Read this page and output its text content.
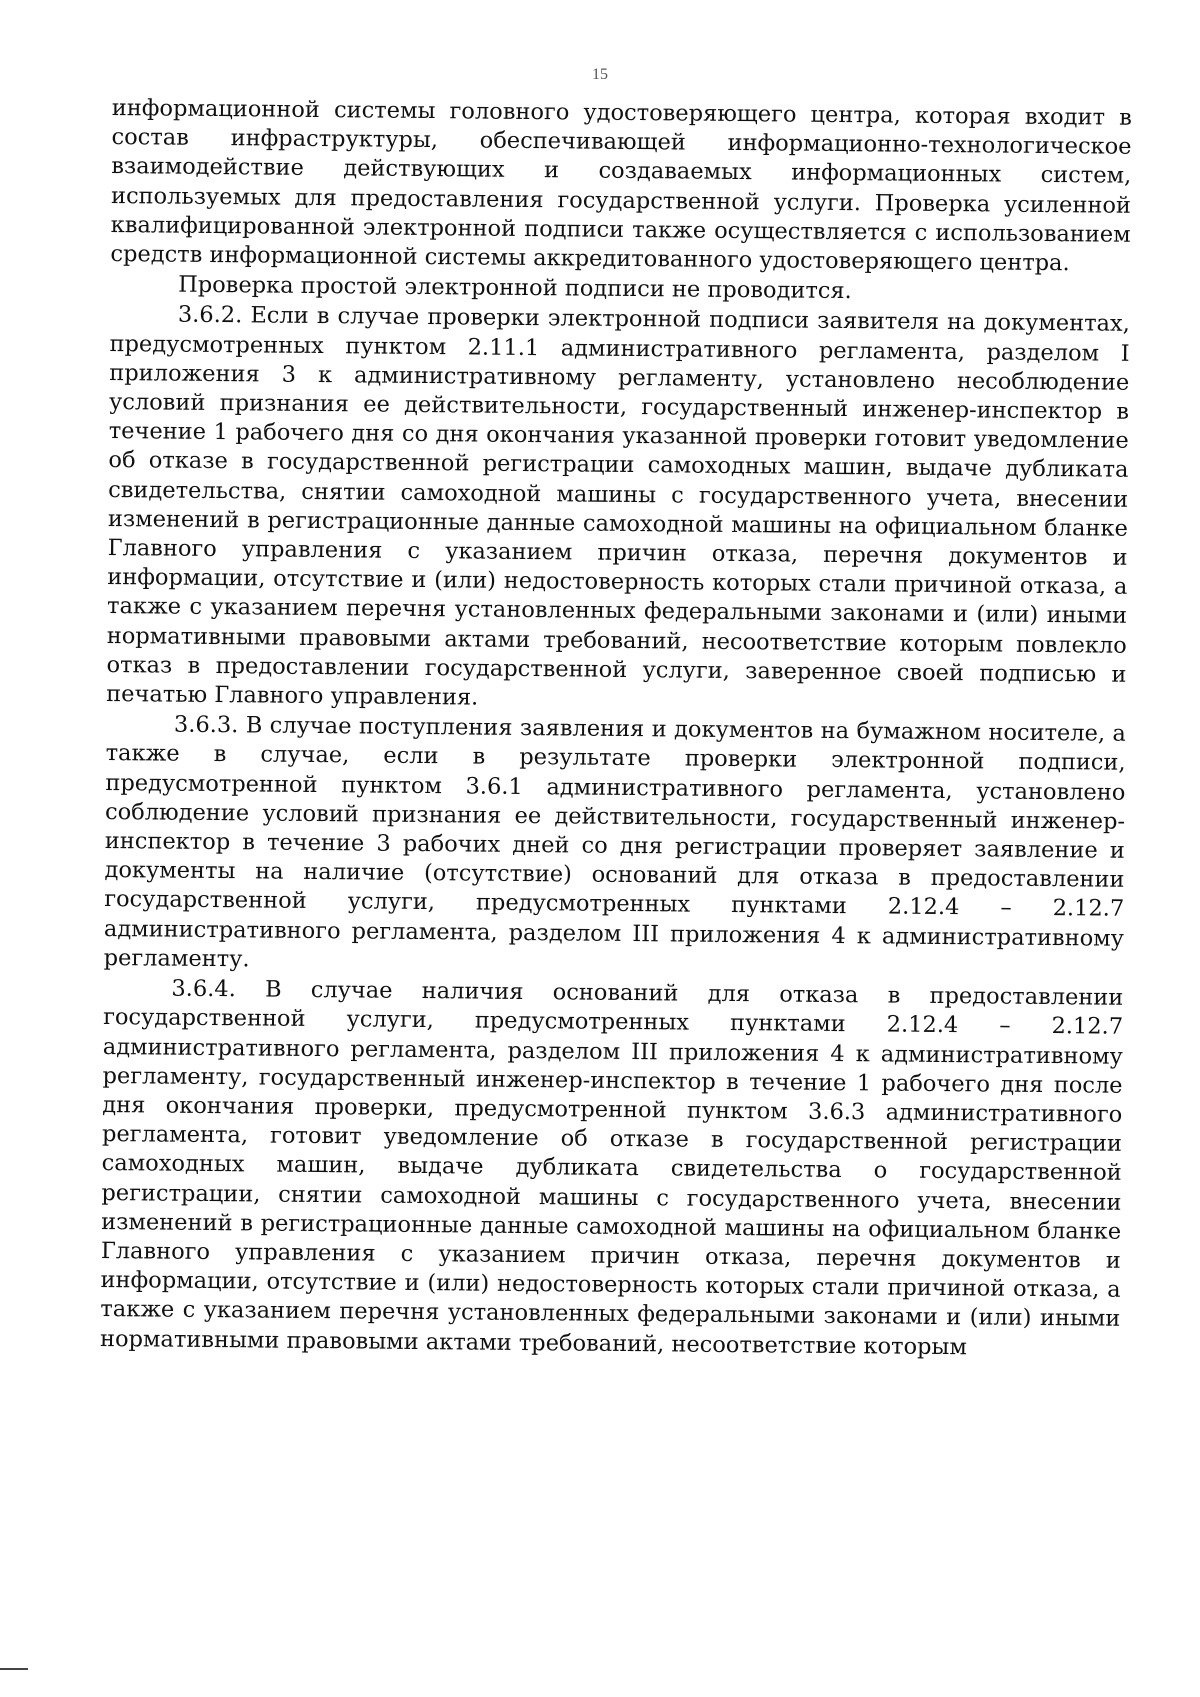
15

информационной системы головного удостоверяющего центра, которая входит в состав инфраструктуры, обеспечивающей информационно-технологическое взаимодействие действующих и создаваемых информационных систем, используемых для предоставления государственной услуги. Проверка усиленной квалифицированной электронной подписи также осуществляется с использованием средств информационной системы аккредитованного удостоверяющего центра.

Проверка простой электронной подписи не проводится.

3.6.2. Если в случае проверки электронной подписи заявителя на документах, предусмотренных пунктом 2.11.1 административного регламента, разделом I приложения 3 к административному регламенту, установлено несоблюдение условий признания ее действительности, государственный инженер-инспектор в течение 1 рабочего дня со дня окончания указанной проверки готовит уведомление об отказе в государственной регистрации самоходных машин, выдаче дубликата свидетельства, снятии самоходной машины с государственного учета, внесении изменений в регистрационные данные самоходной машины на официальном бланке Главного управления с указанием причин отказа, перечня документов и информации, отсутствие и (или) недостоверность которых стали причиной отказа, а также с указанием перечня установленных федеральными законами и (или) иными нормативными правовыми актами требований, несоответствие которым повлекло отказ в предоставлении государственной услуги, заверенное своей подписью и печатью Главного управления.

3.6.3. В случае поступления заявления и документов на бумажном носителе, а также в случае, если в результате проверки электронной подписи, предусмотренной пунктом 3.6.1 административного регламента, установлено соблюдение условий признания ее действительности, государственный инженер-инспектор в течение 3 рабочих дней со дня регистрации проверяет заявление и документы на наличие (отсутствие) оснований для отказа в предоставлении государственной услуги, предусмотренных пунктами 2.12.4 – 2.12.7 административного регламента, разделом III приложения 4 к административному регламенту.

3.6.4. В случае наличия оснований для отказа в предоставлении государственной услуги, предусмотренных пунктами 2.12.4 – 2.12.7 административного регламента, разделом III приложения 4 к административному регламенту, государственный инженер-инспектор в течение 1 рабочего дня после дня окончания проверки, предусмотренной пунктом 3.6.3 административного регламента, готовит уведомление об отказе в государственной регистрации самоходных машин, выдаче дубликата свидетельства о государственной регистрации, снятии самоходной машины с государственного учета, внесении изменений в регистрационные данные самоходной машины на официальном бланке Главного управления с указанием причин отказа, перечня документов и информации, отсутствие и (или) недостоверность которых стали причиной отказа, а также с указанием перечня установленных федеральными законами и (или) иными нормативными правовыми актами требований, несоответствие которым
